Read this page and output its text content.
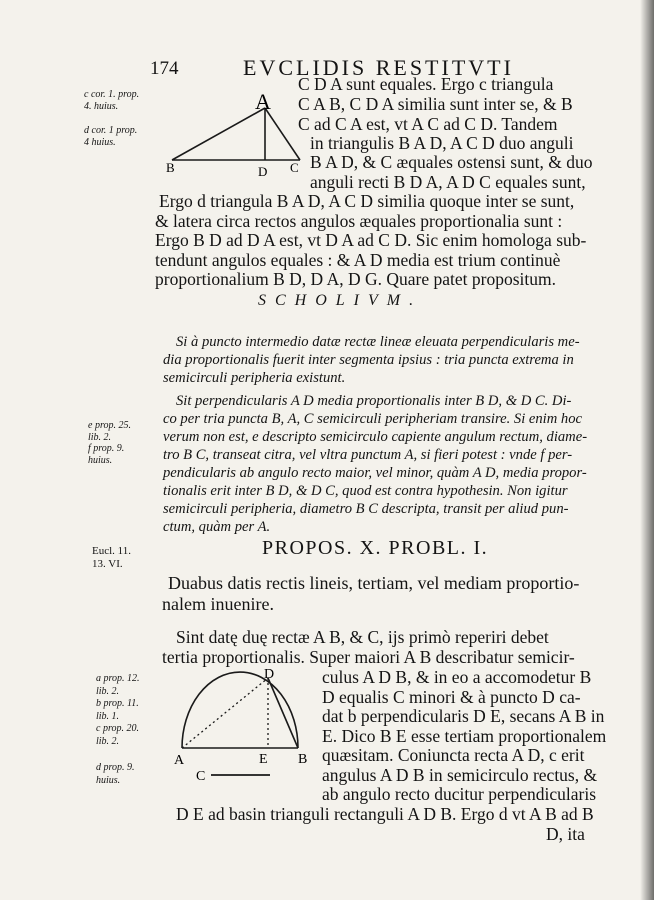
174	EVCLIDIS RESTITVTI
c cor. 1. prop.
4. huius.
d cor. 1 prop.
4 huius.
e prop. 25.
lib. 2.
f prop. 9.
huius.
Eucl. 11.
13. VI.
a prop. 12.
lib. 2.
b prop. 11.
lib. 1.
c prop. 20.
lib. 2.
d prop. 9.
huius.
A
B	D C
D
A	E B
C
C D A sunt equales. Ergo c triangula
C A B, C D A similia sunt inter se, & B
C ad C A est, vt A C ad C D. Tandem
in triangulis B A D, A C D duo anguli
B A D, & C æquales ostensi sunt, & duo
anguli recti B D A, A D C equales sunt,
Ergo d triangula B A D, A C D similia quoque inter se sunt,
& latera circa rectos angulos æquales proportionalia sunt :
Ergo B D ad D A est, vt D A ad C D. Sic enim homologa sub-
tendunt angulos equales : & A D media est trium continuè
proportionalium B D, D A, D G. Quare patet propositum.
SCHOLIVM.
Si à puncto intermedio datæ rectæ lineæ eleuata perpendicularis me-
dia proportionalis fuerit inter segmenta ipsius : tria puncta extrema in
semicirculi peripheria existunt.
Sit perpendicularis A D media proportionalis inter B D, & D C. Di-
co per tria puncta B, A, C semicirculi peripheriam transire. Si enim hoc
verum non est, e descripto semicirculo capiente angulum rectum, diame-
tro B C, transeat citra, vel vltra punctum A, si fieri potest : vnde f per-
pendicularis ab angulo recto maior, vel minor, quàm A D, media propor-
tionalis erit inter B D, & D C, quod est contra hypothesin. Non igitur
semicirculi peripheria, diametro B C descripta, transit per aliud pun-
ctum, quàm per A.
PROPOS. X. PROBL. I.
Duabus datis rectis lineis, tertiam, vel mediam proportio-
nalem inuenire.
Sint datę duę rectæ A B, & C, ijs primò reperiri debet
tertia proportionalis. Super maiori A B describatur semicir-
culus A D B, & in eo a accomodetur B
D equalis C minori & à puncto D ca-
dat b perpendicularis D E, secans A B in
E. Dico B E esse tertiam proportionalem
quæsitam. Coniuncta recta A D, c erit
angulus A D B in semicirculo rectus, &
ab angulo recto ducitur perpendicularis
D E ad basin trianguli rectanguli A D B. Ergo d vt A B ad B
D, ita
